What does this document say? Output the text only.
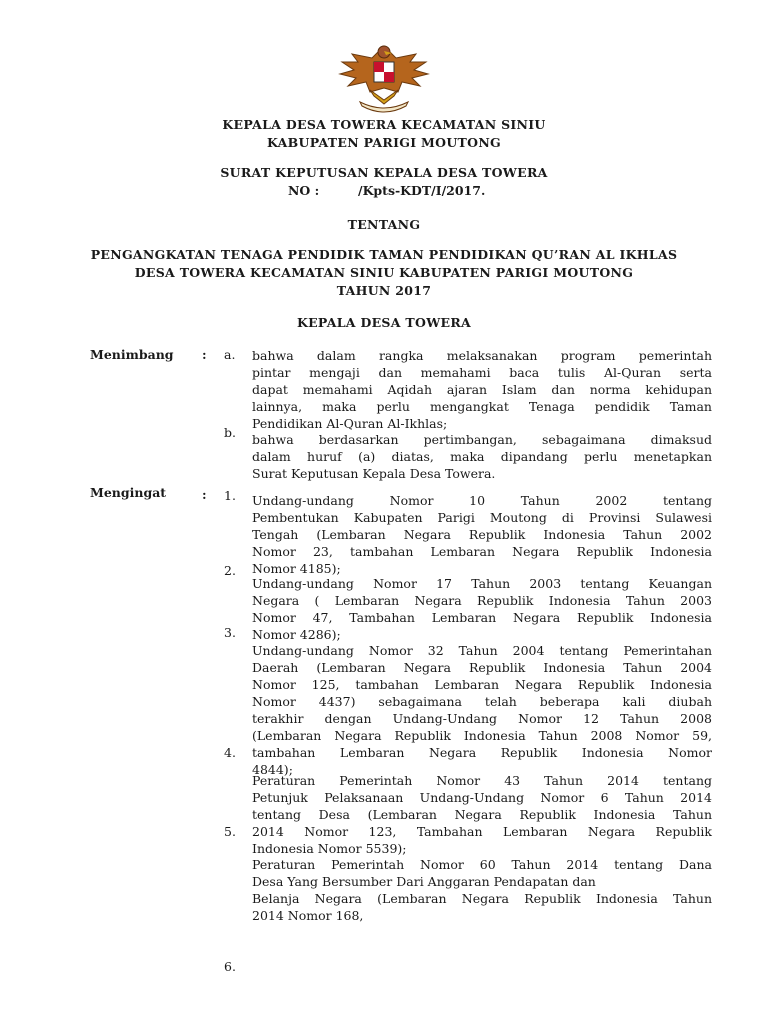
KEPALA DESA TOWERA KECAMATAN SINIU
KABUPATEN PARIGI MOUTONG
SURAT KEPUTUSAN KEPALA DESA TOWERA
NO :	/Kpts-KDT/I/2017.
TENTANG
PENGANGKATAN TENAGA PENDIDIK TAMAN PENDIDIKAN QU’RAN AL IKHLAS
DESA TOWERA KECAMATAN SINIU KABUPATEN PARIGI MOUTONG
TAHUN 2017
KEPALA DESA TOWERA
Menimbang : a. bahwa dalam rangka melaksanakan program pemerintah
pintar mengaji dan memahami baca tulis Al-Quran serta
dapat memahami Aqidah ajaran Islam dan norma kehidupan
lainnya, maka perlu mengangkat Tenaga pendidik Taman
Pendidikan Al-Quran Al-Ikhlas;
b. bahwa berdasarkan pertimbangan, sebagaimana dimaksud
dalam huruf (a) diatas, maka dipandang perlu menetapkan
Surat Keputusan Kepala Desa Towera.
Mengingat	: 1.
2.
3.
4.
5.
6.
Undang-undang Nomor 10 Tahun 2002 tentang
Pembentukan Kabupaten Parigi Moutong di Provinsi Sulawesi
Tengah (Lembaran Negara Republik Indonesia Tahun 2002
Nomor 23, tambahan Lembaran Negara Republik Indonesia
Nomor 4185);
Undang-undang Nomor 17 Tahun 2003 tentang Keuangan
Negara ( Lembaran Negara Republik Indonesia Tahun 2003
Nomor 47, Tambahan Lembaran Negara Republik Indonesia
Nomor 4286);
Undang-undang Nomor 32 Tahun 2004 tentang Pemerintahan
Daerah (Lembaran Negara Republik Indonesia Tahun 2004
Nomor 125, tambahan Lembaran Negara Republik Indonesia
Nomor 4437) sebagaimana telah beberapa kali diubah
terakhir dengan Undang-Undang Nomor 12 Tahun 2008
(Lembaran Negara Republik Indonesia Tahun 2008 Nomor 59,
tambahan Lembaran Negara Republik Indonesia Nomor
4844);
Peraturan Pemerintah Nomor 43 Tahun 2014 tentang
Petunjuk Pelaksanaan Undang-Undang Nomor 6 Tahun 2014
tentang Desa (Lembaran Negara Republik Indonesia Tahun
2014 Nomor 123, Tambahan Lembaran Negara Republik
Indonesia Nomor 5539);
Peraturan Pemerintah Nomor 60 Tahun 2014 tentang Dana
Desa Yang Bersumber Dari Anggaran Pendapatan dan
Belanja Negara (Lembaran Negara Republik Indonesia Tahun
2014 Nomor 168,
